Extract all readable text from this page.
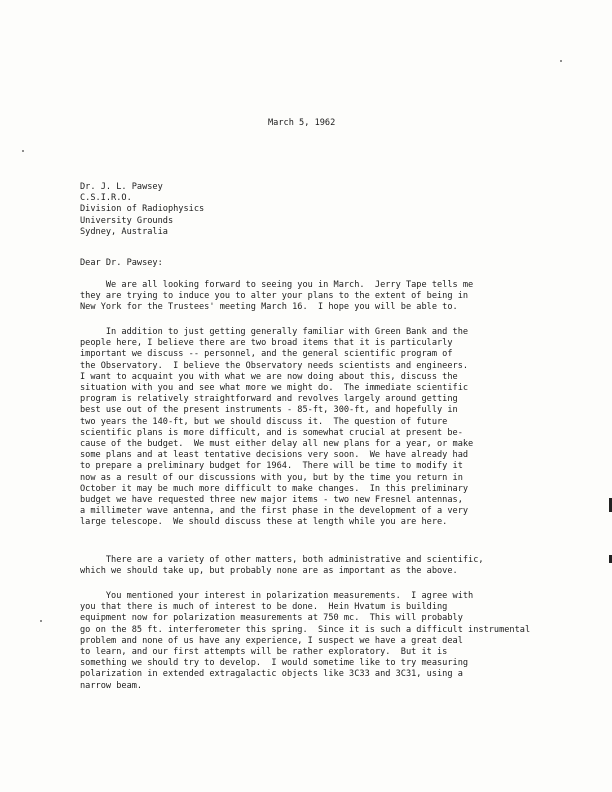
March 5, 1962
Dr. J. L. Pawsey
C.S.I.R.O.
Division of Radiophysics
University Grounds
Sydney, Australia
Dear Dr. Pawsey:
We are all looking forward to seeing you in March.  Jerry Tape tells me
they are trying to induce you to alter your plans to the extent of being in
New York for the Trustees' meeting March 16.  I hope you will be able to.
In addition to just getting generally familiar with Green Bank and the
people here, I believe there are two broad items that it is particularly
important we discuss -- personnel, and the general scientific program of
the Observatory.  I believe the Observatory needs scientists and engineers.
I want to acquaint you with what we are now doing about this, discuss the
situation with you and see what more we might do.  The immediate scientific
program is relatively straightforward and revolves largely around getting
best use out of the present instruments - 85-ft, 300-ft, and hopefully in
two years the 140-ft, but we should discuss it.  The question of future
scientific plans is more difficult, and is somewhat crucial at present be-
cause of the budget.  We must either delay all new plans for a year, or make
some plans and at least tentative decisions very soon.  We have already had
to prepare a preliminary budget for 1964.  There will be time to modify it
now as a result of our discussions with you, but by the time you return in
October it may be much more difficult to make changes.  In this preliminary
budget we have requested three new major items - two new Fresnel antennas,
a millimeter wave antenna, and the first phase in the development of a very
large telescope.  We should discuss these at length while you are here.
There are a variety of other matters, both administrative and scientific,
which we should take up, but probably none are as important as the above.
You mentioned your interest in polarization measurements.  I agree with
you that there is much of interest to be done.  Hein Hvatum is building
equipment now for polarization measurements at 750 mc.  This will probably
go on the 85 ft. interferometer this spring.  Since it is such a difficult instrumental
problem and none of us have any experience, I suspect we have a great deal
to learn, and our first attempts will be rather exploratory.  But it is
something we should try to develop.  I would sometime like to try measuring
polarization in extended extragalactic objects like 3C33 and 3C31, using a
narrow beam.
